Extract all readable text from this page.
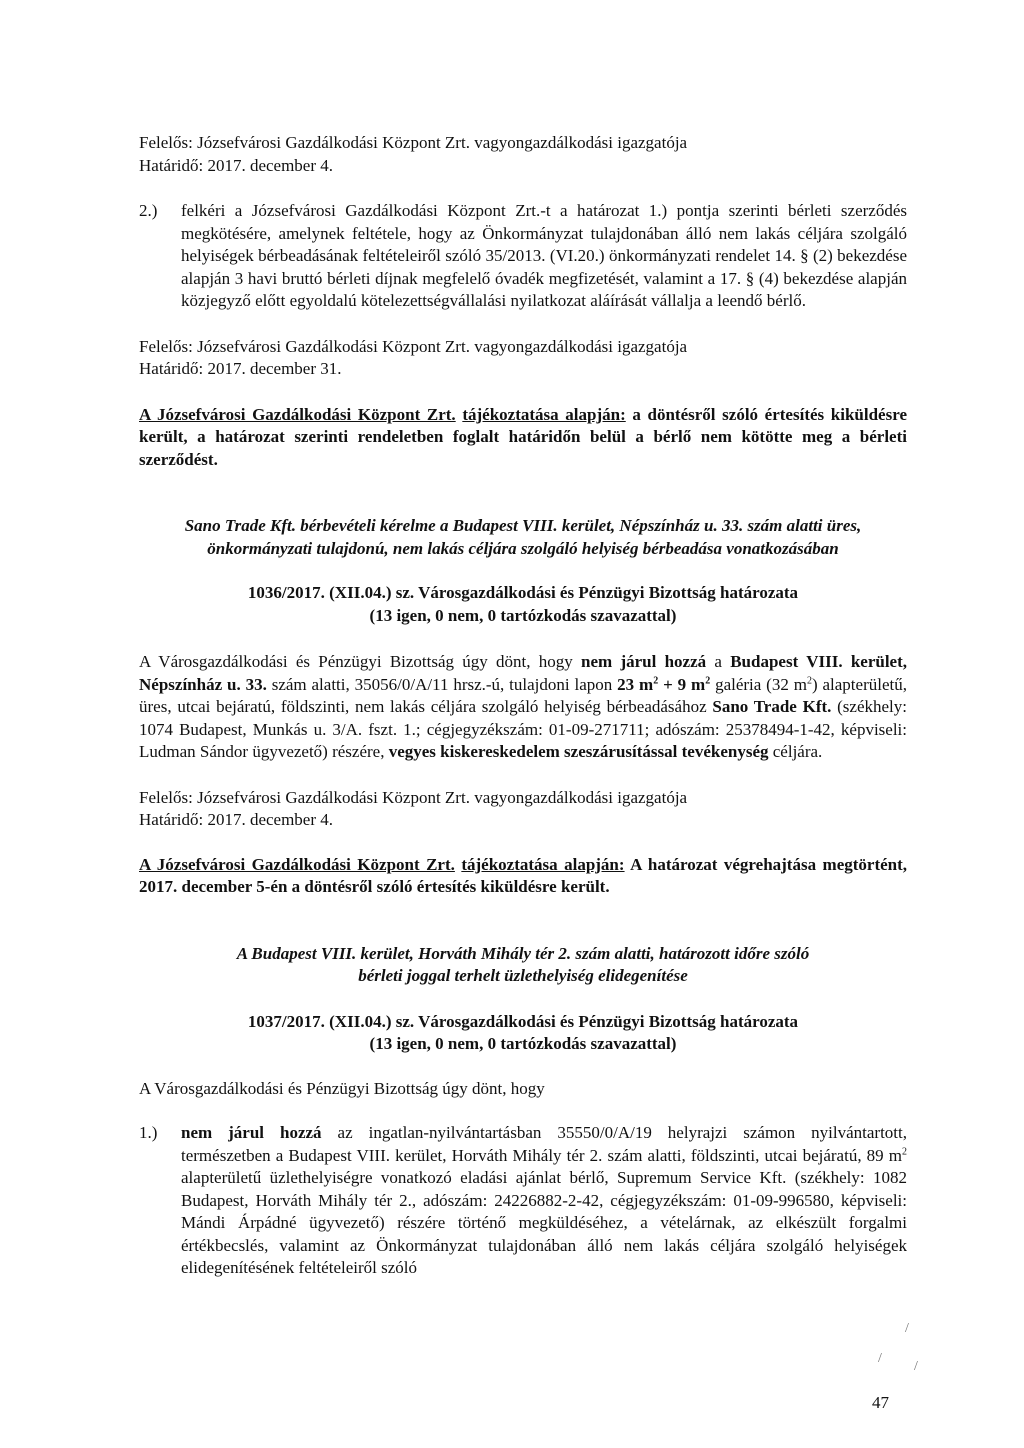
Felelős: Józsefvárosi Gazdálkodási Központ Zrt. vagyongazdálkodási igazgatója

Határidő: 2017. december 4.

2.) felkéri a Józsefvárosi Gazdálkodási Központ Zrt.-t a határozat 1.) pontja szerinti bérleti szerződés megkötésére, amelynek feltétele, hogy az Önkormányzat tulajdonában álló nem lakás céljára szolgáló helyiségek bérbeadásának feltételeiről szóló 35/2013. (VI.20.) önkormányzati rendelet 14. § (2) bekezdése alapján 3 havi bruttó bérleti díjnak megfelelő óvadék megfizetését, valamint a 17. § (4) bekezdése alapján közjegyző előtt egyoldalú kötelezettségvállalási nyilatkozat aláírását vállalja a leendő bérlő.

Felelős: Józsefvárosi Gazdálkodási Központ Zrt. vagyongazdálkodási igazgatója

Határidő: 2017. december 31.

A Józsefvárosi Gazdálkodási Központ Zrt. tájékoztatása alapján: a döntésről szóló értesítés kiküldésre került, a határozat szerinti rendeletben foglalt határidőn belül a bérlő nem kötötte meg a bérleti szerződést.

Sano Trade Kft. bérbevételi kérelme a Budapest VIII. kerület, Népszínház u. 33. szám alatti üres,

önkormányzati tulajdonú, nem lakás céljára szolgáló helyiség bérbeadása vonatkozásában

1036/2017. (XII.04.) sz. Városgazdálkodási és Pénzügyi Bizottság határozata

(13 igen, 0 nem, 0 tartózkodás szavazattal)

A Városgazdálkodási és Pénzügyi Bizottság úgy dönt, hogy nem járul hozzá a Budapest VIII. kerület, Népszínház u. 33. szám alatti, 35056/0/A/11 hrsz.-ú, tulajdoni lapon 23 $m^2 + 9$ $m^2$ galéria (32 $m^2$) alapterületű, üres, utcai bejáratú, földszinti, nem lakás céljára szolgáló helyiség bérbeadásához Sano Trade Kft. (székhely: 1074 Budapest, Munkás u. 3/A. fszt. 1.; cégjegyzékszám: 01-09-271711; adószám: 25378494-1-42, képviseli: Ludman Sándor ügyvezető) részére, vegyes kiskereskedelem szeszárusítással tevékenység céljára.

Felelős: Józsefvárosi Gazdálkodási Központ Zrt. vagyongazdálkodási igazgatója

Határidő: 2017. december 4.

A Józsefvárosi Gazdálkodási Központ Zrt. tájékoztatása alapján: A határozat végrehajtása megtörtént, 2017. december 5-én a döntésről szóló értesítés kiküldésre került.

A Budapest VIII. kerület, Horváth Mihály tér 2. szám alatti, határozott időre szóló

bérleti joggal terhelt üzlethelyiség elidegenítése

1037/2017. (XII.04.) sz. Városgazdálkodási és Pénzügyi Bizottság határozata

(13 igen, 0 nem, 0 tartózkodás szavazattal)

A Városgazdálkodási és Pénzügyi Bizottság úgy dönt, hogy

1.) nem járul hozzá az ingatlan-nyilvántartásban 35550/0/A/19 helyrajzi számon nyilvántartott, természetben a Budapest VIII. kerület, Horváth Mihály tér 2. szám alatti, földszinti, utcai bejáratú, 89 $m^2$ alapterületű üzlethelyiségre vonatkozó eladási ajánlat bérlő, Supremum Service Kft. (székhely: 1082 Budapest, Horváth Mihály tér 2., adószám: 24226882-2-42, cégjegyzékszám: 01-09-996580, képviseli: Mándi Árpádné ügyvezető) részére történő megküldéséhez, a vételárnak, az elkészült forgalmi értékbecslés, valamint az Önkormányzat tulajdonában álló nem lakás céljára szolgáló helyiségek elidegenítésének feltételeiről szóló
/
/
/
47
